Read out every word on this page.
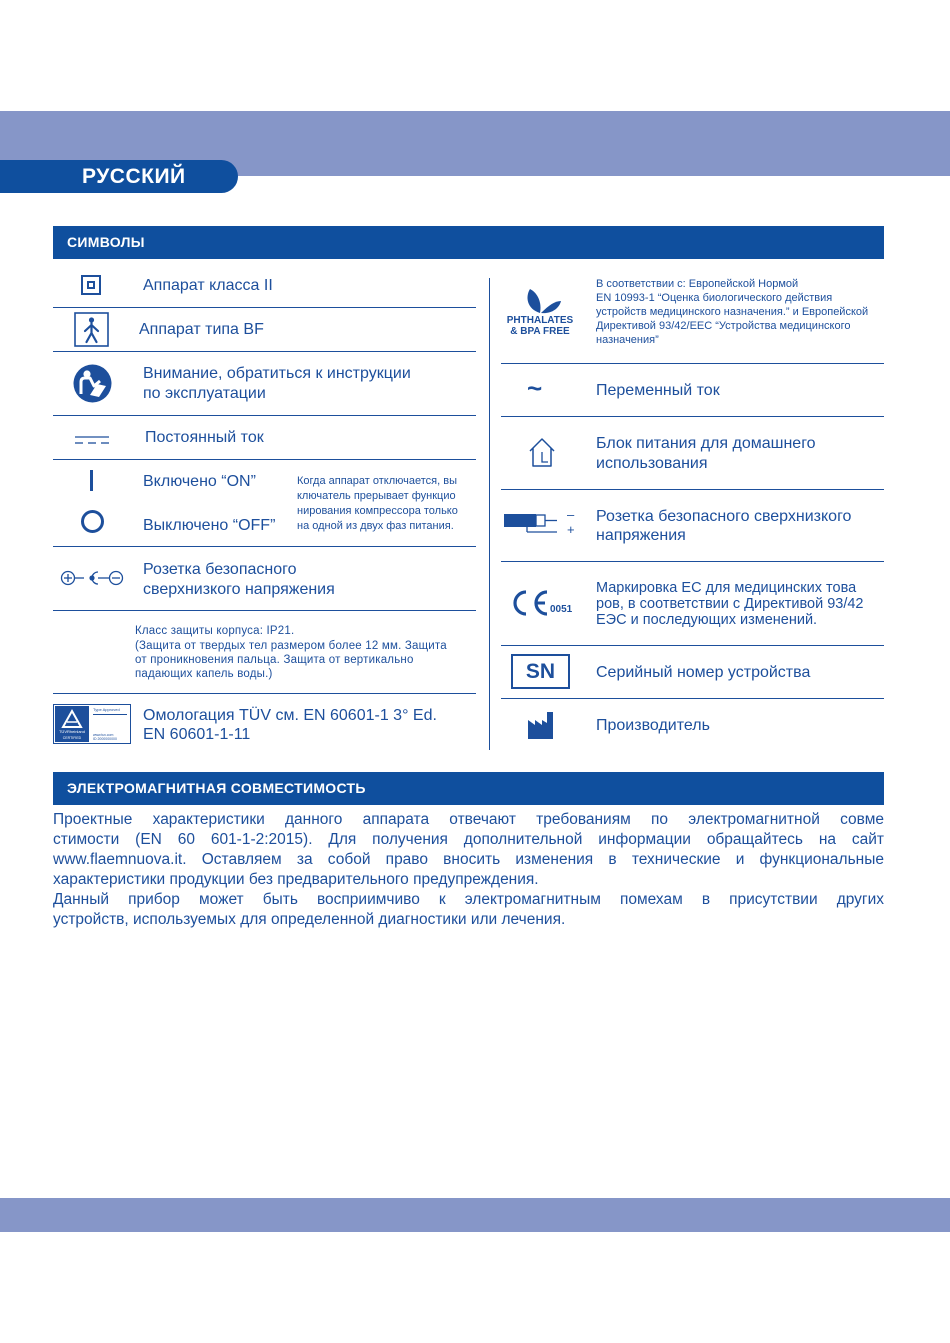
РУССКИЙ
СИМВОЛЫ
Аппарат класса II
Аппарат типа BF
Внимание, обратиться к инструкции
по эксплуатации
Постоянный ток
Включено “ON”
Выключено “OFF”
Когда аппарат отключается, вы
ключатель прерывает функцио
нирования компрессора только
на одной из двух фаз питания.
Розетка безопасного
сверхнизкого напряжения
Класс защиты корпуса: IP21.
(Защита от твердых тел размером более 12 мм. Защита
от проникновения пальца. Защита от вертикально
падающих капель воды.)
TÜVRheinland
CERTIFIED
Type Approved
www.tuv.com
ID 2000000000
Омологация TÜV см. EN 60601-1 3° Ed.
EN 60601-1-11
PHTHALATES
& BPA FREE
В соответствии с: Европейской Нормой
EN 10993-1 “Оценка биологического действия
устройств медицинского назначения.” и Европейской
Директивой 93/42/EEC “Устройства медицинского
назначения”
~	Переменный ток
Блок питания для домашнего
использования
–
+
Розетка безопасного сверхнизкого
напряжения
0051
Маркировка ЕС для медицинских това
ров, в соответствии с Директивой 93/42
ЕЭС и последующих изменений.
SN	Серийный номер устройства
Производитель
ЭЛЕКТРОМАГНИТНАЯ СОВМЕСТИМОСТЬ
Проектные характеристики данного аппарата отвечают требованиям по электромагнитной совме
стимости (EN 60 601-1-2:2015). Для получения дополнительной информации обращайтесь на сайт
www.flaemnuova.it. Оставляем за собой право вносить изменения в технические и функциональные
характеристики продукции без предварительного предупреждения.
Данный прибор может быть восприимчиво к электромагнитным помехам в присутствии других
устройств, используемых для определенной диагностики или лечения.
